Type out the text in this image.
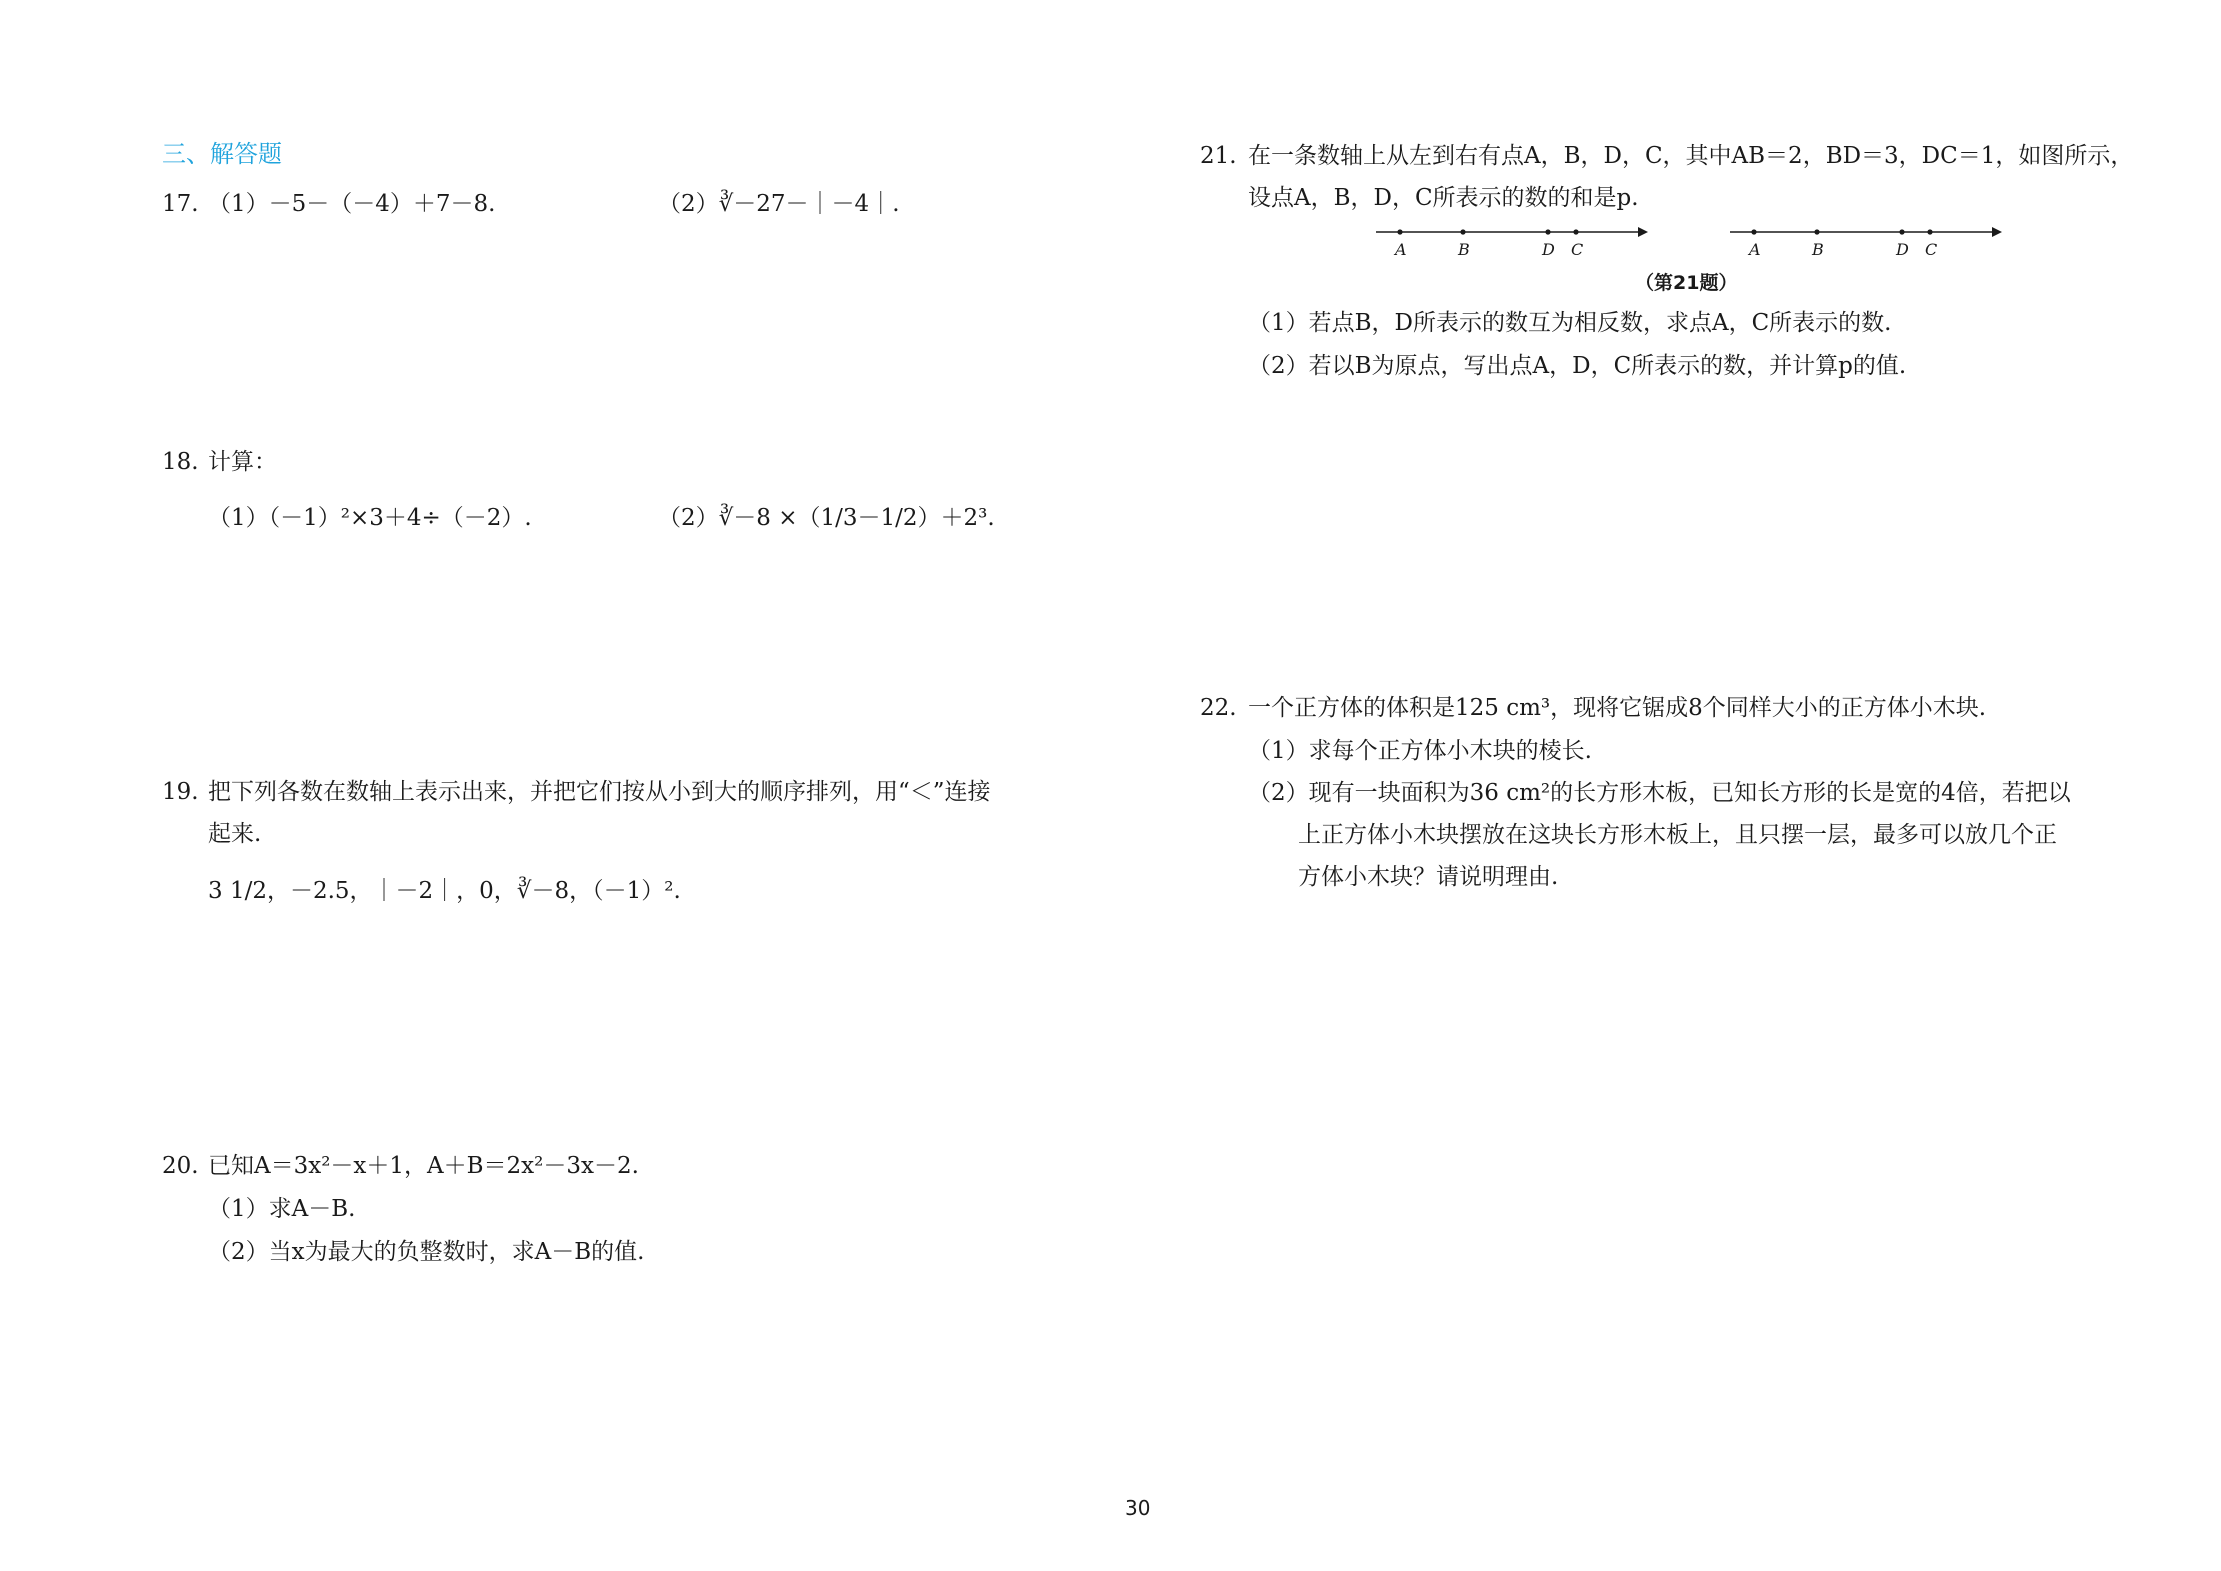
三、解答题
17. （1）－5－（－4）＋7－8.	（2）∛－27－｜－4｜.
18. 计算：
（1）（－1）²×3＋4÷（－2）.	（2）∛－8 ×（1/3－1/2）＋2³.
19. 把下列各数在数轴上表示出来，并把它们按从小到大的顺序排列，用“＜”连接
起来.
3 1/2，－2.5，｜－2｜，0，∛－8，（－1）².
20. 已知A＝3x²－x＋1，A＋B＝2x²－3x－2.
（1）求A－B.
（2）当x为最大的负整数时，求A－B的值.
21. 在一条数轴上从左到右有点A，B，D，C，其中AB＝2，BD＝3，DC＝1，如图所示，
设点A，B，D，C所表示的数的和是p.
A	B	D C	A	B	D C
（第21题）
（1）若点B，D所表示的数互为相反数，求点A，C所表示的数.
（2）若以B为原点，写出点A，D，C所表示的数，并计算p的值.
22. 一个正方体的体积是125 cm³，现将它锯成8个同样大小的正方体小木块.
（1）求每个正方体小木块的棱长.
（2）现有一块面积为36 cm²的长方形木板，已知长方形的长是宽的4倍，若把以
上正方体小木块摆放在这块长方形木板上，且只摆一层，最多可以放几个正
方体小木块？请说明理由.
30
